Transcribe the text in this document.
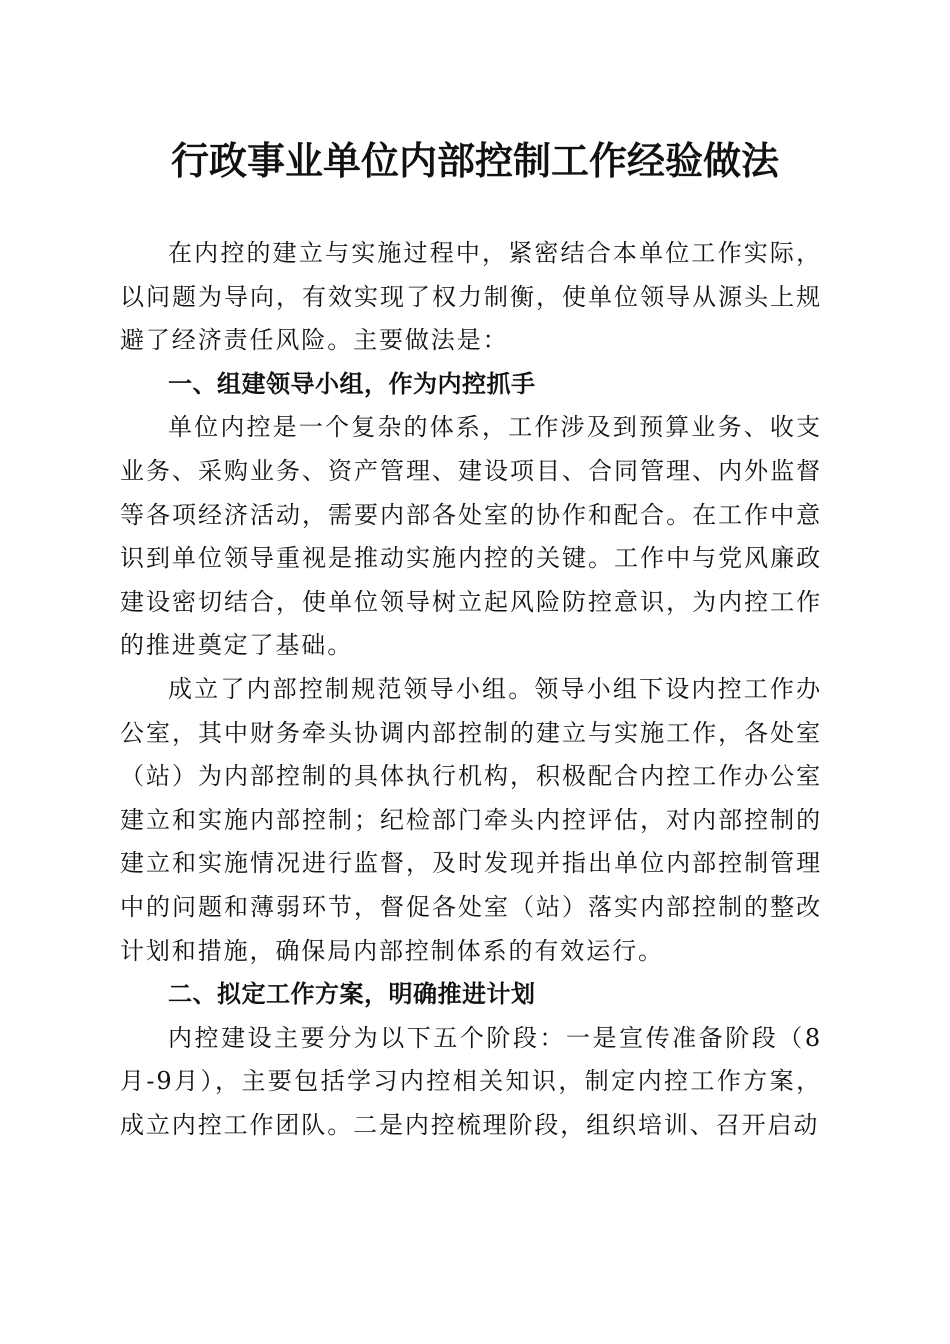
行政事业单位内部控制工作经验做法

在内控的建立与实施过程中，紧密结合本单位工作实际，以问题为导向，有效实现了权力制衡，使单位领导从源头上规避了经济责任风险。主要做法是：

一、组建领导小组，作为内控抓手

单位内控是一个复杂的体系，工作涉及到预算业务、收支业务、采购业务、资产管理、建设项目、合同管理、内外监督等各项经济活动，需要内部各处室的协作和配合。在工作中意识到单位领导重视是推动实施内控的关键。工作中与党风廉政建设密切结合，使单位领导树立起风险防控意识，为内控工作的推进奠定了基础。

成立了内部控制规范领导小组。领导小组下设内控工作办公室，其中财务牵头协调内部控制的建立与实施工作，各处室（站）为内部控制的具体执行机构，积极配合内控工作办公室建立和实施内部控制；纪检部门牵头内控评估，对内部控制的建立和实施情况进行监督，及时发现并指出单位内部控制管理中的问题和薄弱环节，督促各处室（站）落实内部控制的整改计划和措施，确保局内部控制体系的有效运行。

二、拟定工作方案，明确推进计划

内控建设主要分为以下五个阶段：一是宣传准备阶段（8月-9月），主要包括学习内控相关知识，制定内控工作方案，成立内控工作团队。二是内控梳理阶段，组织培训、召开启动
